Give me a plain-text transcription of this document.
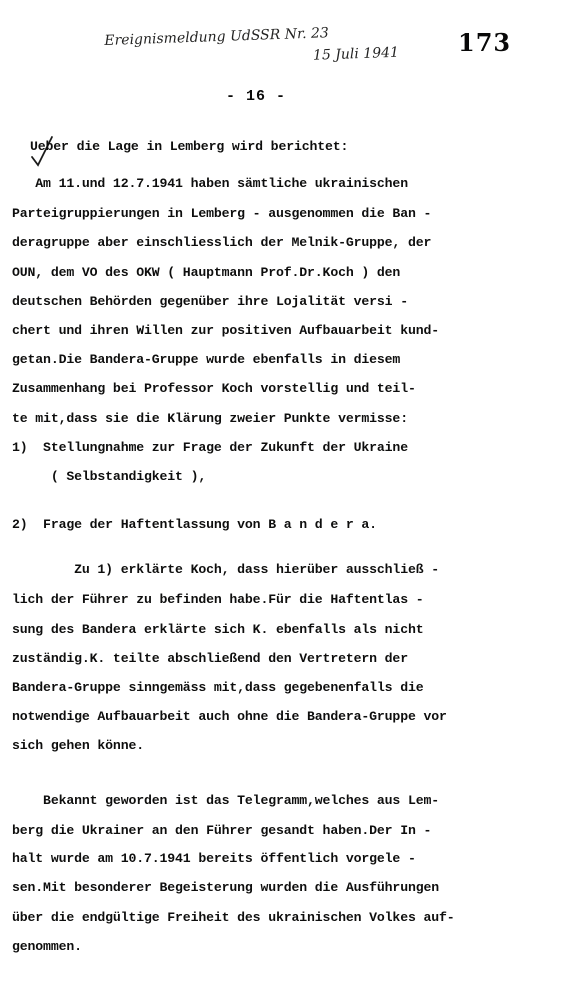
Ereignismeldung UdSSR Nr. 23
15 Juli 1941	173
- 16 -
Ueber die Lage in Lemberg wird berichtet:
Am 11.und 12.7.1941 haben sämtliche ukrainischen
Parteigruppierungen in Lemberg - ausgenommen die Ban -
deragruppe aber einschliesslich der Melnik-Gruppe, der
OUN, dem VO des OKW ( Hauptmann Prof.Dr.Koch ) den
deutschen Behörden gegenüber ihre Lojalität versi -
chert und ihren Willen zur positiven Aufbauarbeit kund-
getan.Die Bandera-Gruppe wurde ebenfalls in diesem
Zusammenhang bei Professor Koch vorstellig und teil-
te mit,dass sie die Klärung zweier Punkte vermisse:
1)  Stellungnahme zur Frage der Zukunft der Ukraine
( Selbstandigkeit ),
2)  Frage der Haftentlassung von B a n d e r a.
Zu 1) erklärte Koch, dass hierüber ausschließ -
lich der Führer zu befinden habe.Für die Haftentlas -
sung des Bandera erklärte sich K. ebenfalls als nicht
zuständig.K. teilte abschließend den Vertretern der
Bandera-Gruppe sinngemäss mit,dass gegebenenfalls die
notwendige Aufbauarbeit auch ohne die Bandera-Gruppe vor
sich gehen könne.
Bekannt geworden ist das Telegramm,welches aus Lem-
berg die Ukrainer an den Führer gesandt haben.Der In -
halt wurde am 10.7.1941 bereits öffentlich vorgele -
sen.Mit besonderer Begeisterung wurden die Ausführungen
über die endgültige Freiheit des ukrainischen Volkes auf-
genommen.
